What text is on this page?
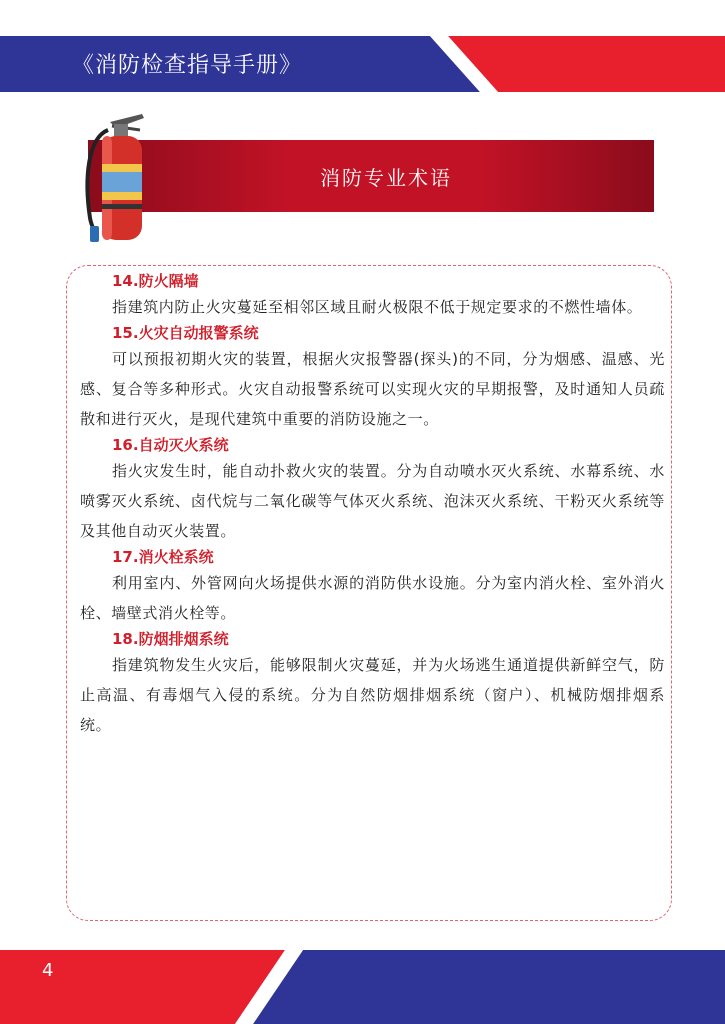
《消防检查指导手册》
消防专业术语

14.防火隔墙

指建筑内防止火灾蔓延至相邻区域且耐火极限不低于规定要求的不燃性墙体。

15.火灾自动报警系统

可以预报初期火灾的装置，根据火灾报警器(探头)的不同，分为烟感、温感、光感、复合等多种形式。火灾自动报警系统可以实现火灾的早期报警，及时通知人员疏散和进行灭火，是现代建筑中重要的消防设施之一。

16.自动灭火系统

指火灾发生时，能自动扑救火灾的装置。分为自动喷水灭火系统、水幕系统、水喷雾灭火系统、卤代烷与二氧化碳等气体灭火系统、泡沫灭火系统、干粉灭火系统等及其他自动灭火装置。

17.消火栓系统

利用室内、外管网向火场提供水源的消防供水设施。分为室内消火栓、室外消火栓、墙壁式消火栓等。

18.防烟排烟系统

指建筑物发生火灾后，能够限制火灾蔓延，并为火场逃生通道提供新鲜空气，防止高温、有毒烟气入侵的系统。分为自然防烟排烟系统（窗户）、机械防烟排烟系统。

4
